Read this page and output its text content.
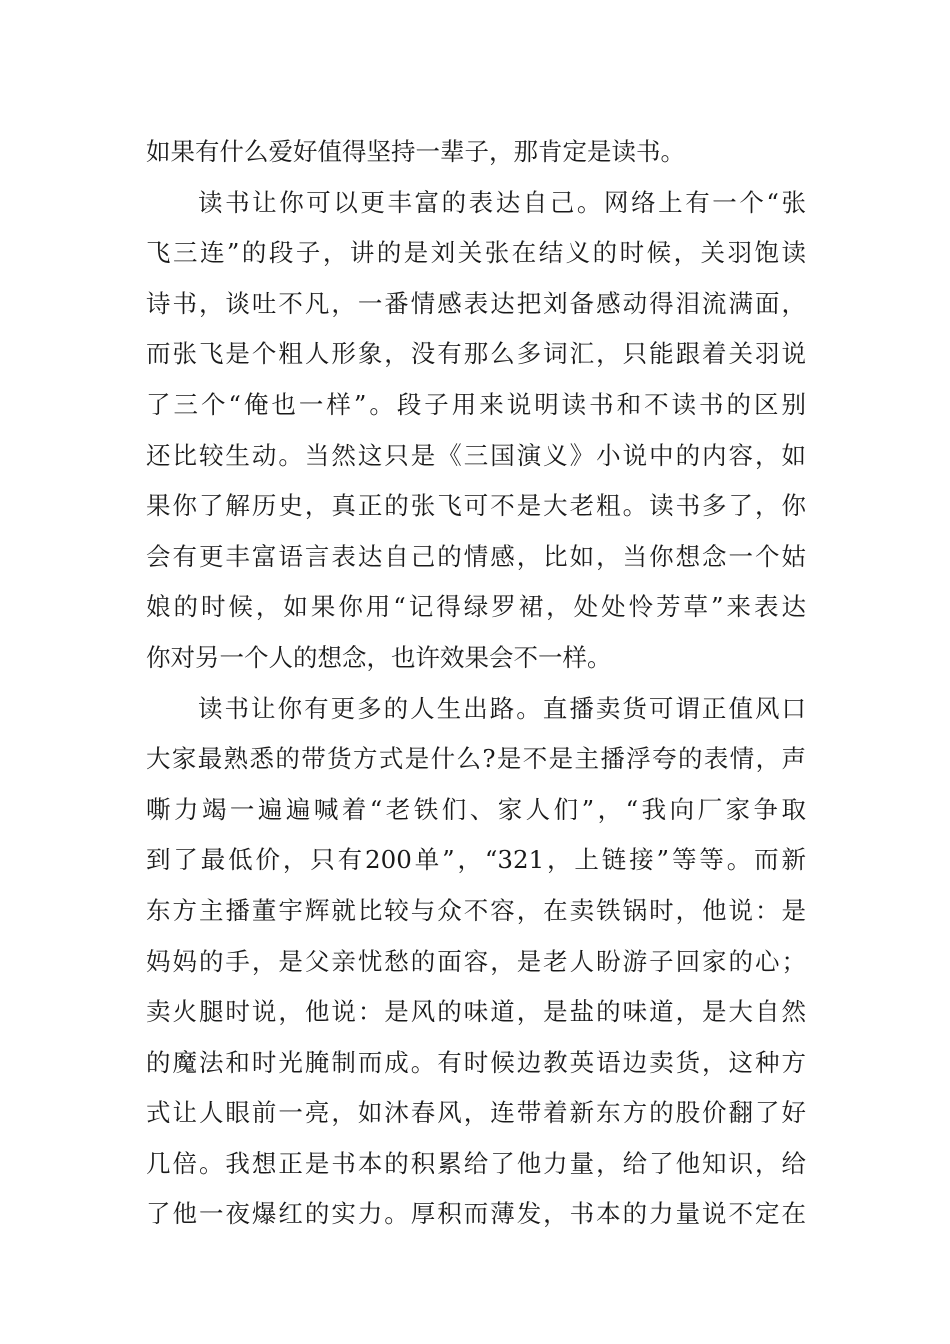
如果有什么爱好值得坚持一辈子，那肯定是读书。
读书让你可以更丰富的表达自己。网络上有一个“张
飞三连”的段子，讲的是刘关张在结义的时候，关羽饱读
诗书，谈吐不凡，一番情感表达把刘备感动得泪流满面，
而张飞是个粗人形象，没有那么多词汇，只能跟着关羽说
了三个“俺也一样”。段子用来说明读书和不读书的区别
还比较生动。当然这只是《三国演义》小说中的内容，如
果你了解历史，真正的张飞可不是大老粗。读书多了，你
会有更丰富语言表达自己的情感，比如，当你想念一个姑
娘的时候，如果你用“记得绿罗裙，处处怜芳草”来表达
你对另一个人的想念，也许效果会不一样。
读书让你有更多的人生出路。直播卖货可谓正值风口
大家最熟悉的带货方式是什么?是不是主播浮夸的表情，声
嘶力竭一遍遍喊着“老铁们、家人们”，“我向厂家争取
到了最低价，只有200单”，“321，上链接”等等。而新
东方主播董宇辉就比较与众不容，在卖铁锅时，他说：是
妈妈的手，是父亲忧愁的面容，是老人盼游子回家的心；
卖火腿时说，他说：是风的味道，是盐的味道，是大自然
的魔法和时光腌制而成。有时候边教英语边卖货，这种方
式让人眼前一亮，如沐春风，连带着新东方的股价翻了好
几倍。我想正是书本的积累给了他力量，给了他知识，给
了他一夜爆红的实力。厚积而薄发，书本的力量说不定在
